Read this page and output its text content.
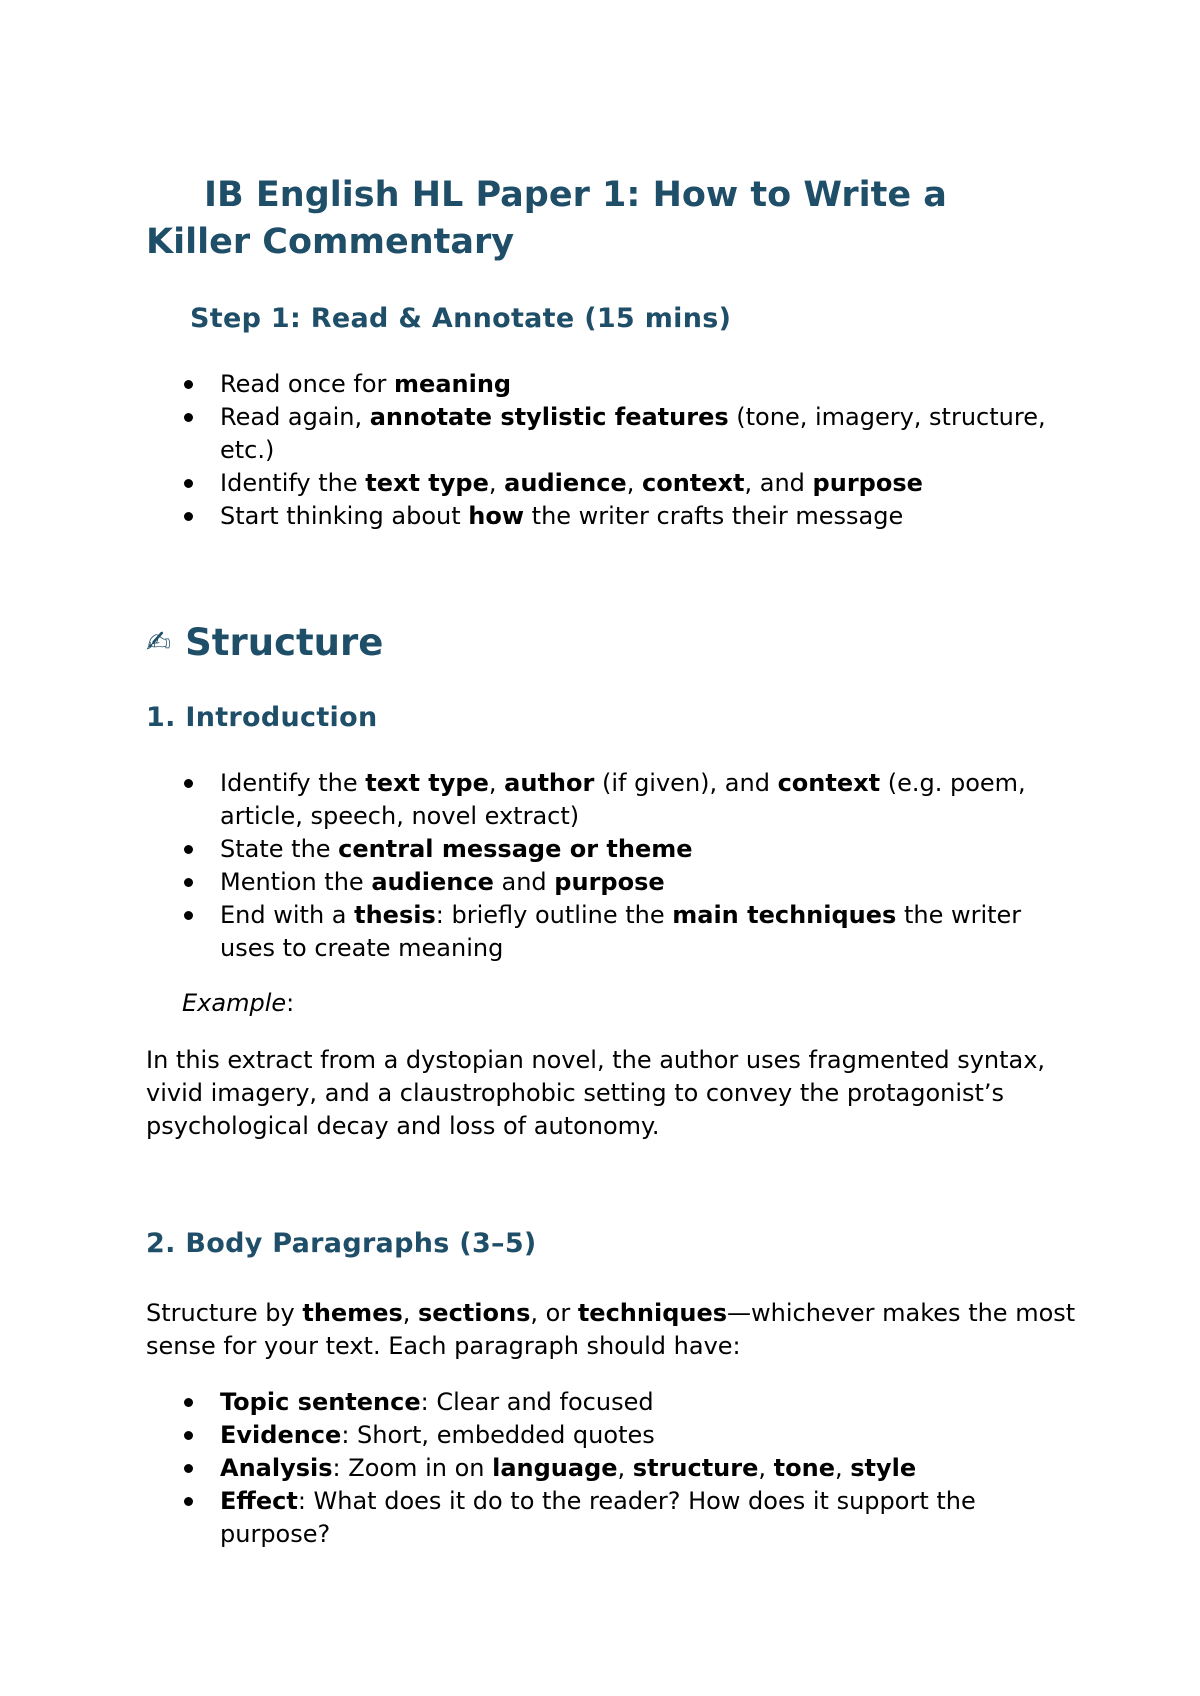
IB English HL Paper 1: How to Write a Killer Commentary
Step 1: Read & Annotate (15 mins)
Read once for meaning
Read again, annotate stylistic features (tone, imagery, structure, etc.)
Identify the text type, audience, context, and purpose
Start thinking about how the writer crafts their message
✍ Structure
1. Introduction
Identify the text type, author (if given), and context (e.g. poem, article, speech, novel extract)
State the central message or theme
Mention the audience and purpose
End with a thesis: briefly outline the main techniques the writer uses to create meaning

Example:

In this extract from a dystopian novel, the author uses fragmented syntax, vivid imagery, and a claustrophobic setting to convey the protagonist’s psychological decay and loss of autonomy.

2. Body Paragraphs (3–5)

Structure by themes, sections, or techniques—whichever makes the most sense for your text. Each paragraph should have:

Topic sentence: Clear and focused
Evidence: Short, embedded quotes
Analysis: Zoom in on language, structure, tone, style
Effect: What does it do to the reader? How does it support the purpose?
